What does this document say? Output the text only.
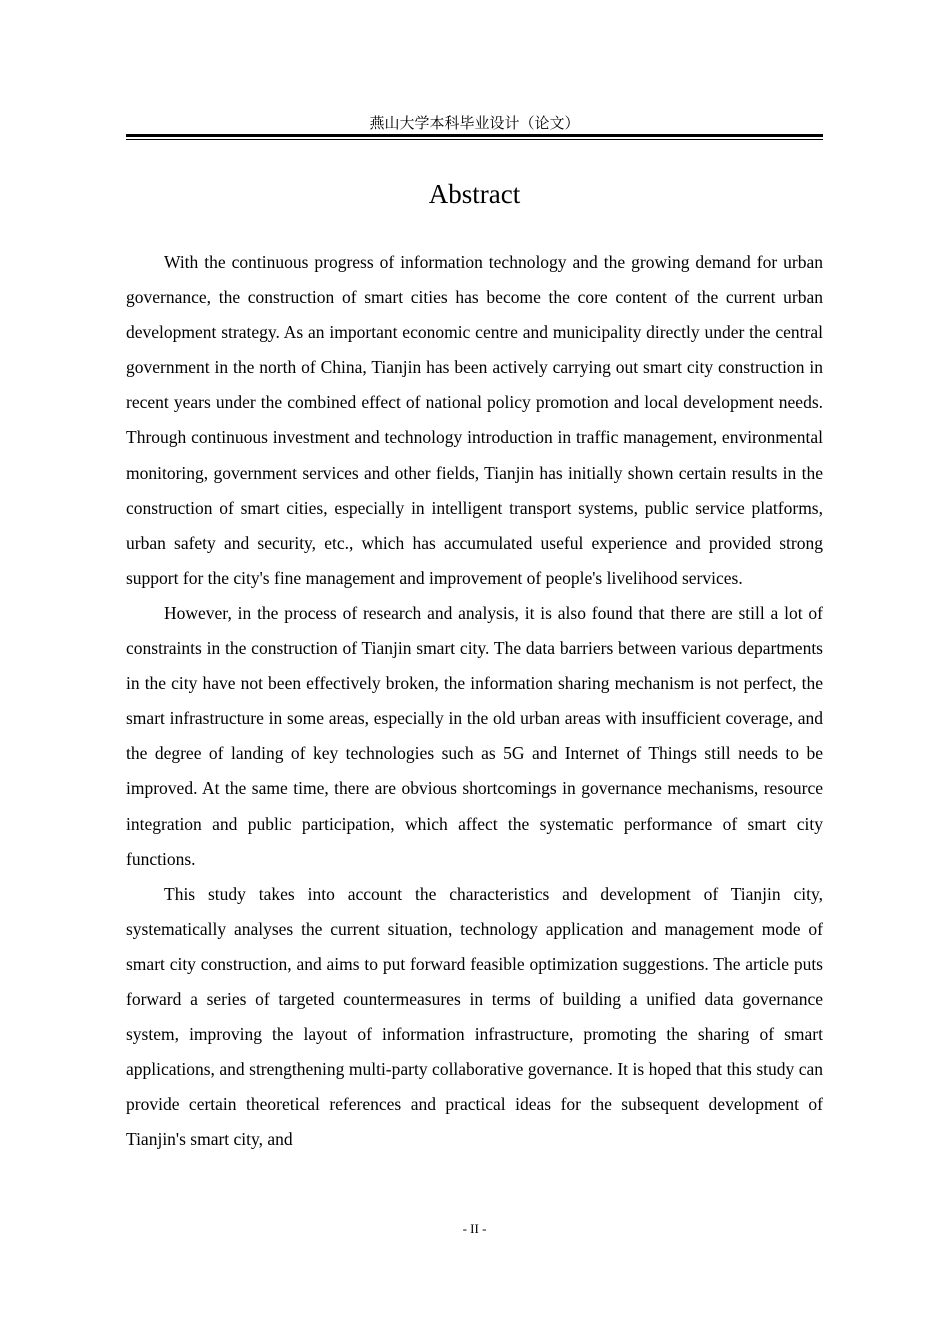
燕山大学本科毕业设计（论文）
Abstract

With the continuous progress of information technology and the growing demand for urban governance, the construction of smart cities has become the core content of the current urban development strategy. As an important economic centre and municipality directly under the central government in the north of China, Tianjin has been actively carrying out smart city construction in recent years under the combined effect of national policy promotion and local development needs. Through continuous investment and technology introduction in traffic management, environmental monitoring, government services and other fields, Tianjin has initially shown certain results in the construction of smart cities, especially in intelligent transport systems, public service platforms, urban safety and security, etc., which has accumulated useful experience and provided strong support for the city's fine management and improvement of people's livelihood services.

However, in the process of research and analysis, it is also found that there are still a lot of constraints in the construction of Tianjin smart city. The data barriers between various departments in the city have not been effectively broken, the information sharing mechanism is not perfect, the smart infrastructure in some areas, especially in the old urban areas with insufficient coverage, and the degree of landing of key technologies such as 5G and Internet of Things still needs to be improved. At the same time, there are obvious shortcomings in governance mechanisms, resource integration and public participation, which affect the systematic performance of smart city functions.

This study takes into account the characteristics and development of Tianjin city, systematically analyses the current situation, technology application and management mode of smart city construction, and aims to put forward feasible optimization suggestions. The article puts forward a series of targeted countermeasures in terms of building a unified data governance system, improving the layout of information infrastructure, promoting the sharing of smart applications, and strengthening multi-party collaborative governance. It is hoped that this study can provide certain theoretical references and practical ideas for the subsequent development of Tianjin's smart city, and

- II -
